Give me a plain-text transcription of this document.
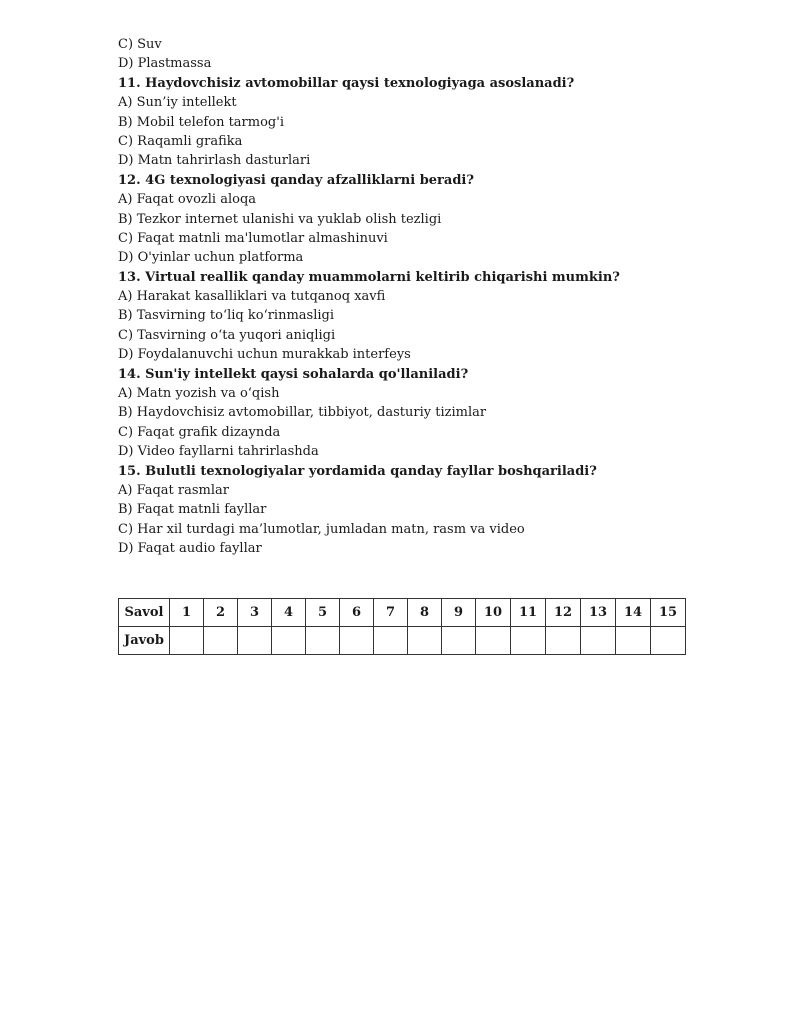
C) Suv
D) Plastmassa
11. Haydovchisiz avtomobillar qaysi texnologiyaga asoslanadi?
A) Sun’iy intellekt
B) Mobil telefon tarmog'i
C) Raqamli grafika
D) Matn tahrirlash dasturlari
12. 4G texnologiyasi qanday afzalliklarni beradi?
A) Faqat ovozli aloqa
B) Tezkor internet ulanishi va yuklab olish tezligi
C) Faqat matnli ma'lumotlar almashinuvi
D) O'yinlar uchun platforma
13. Virtual reallik qanday muammolarni keltirib chiqarishi mumkin?
A) Harakat kasalliklari va tutqanoq xavfi
B) Tasvirning to‘liq ko‘rinmasligi
C) Tasvirning o‘ta yuqori aniqligi
D) Foydalanuvchi uchun murakkab interfeys
14. Sun'iy intellekt qaysi sohalarda qo'llaniladi?
A) Matn yozish va o‘qish
B) Haydovchisiz avtomobillar, tibbiyot, dasturiy tizimlar
C) Faqat grafik dizaynda
D) Video fayllarni tahrirlashda
15. Bulutli texnologiyalar yordamida qanday fayllar boshqariladi?
A) Faqat rasmlar
B) Faqat matnli fayllar
C) Har xil turdagi ma’lumotlar, jumladan matn, rasm va video
D) Faqat audio fayllar
Savol	1	2	3	4	5	6	7	8	9	10	11	12	13	14	15
Javob															
